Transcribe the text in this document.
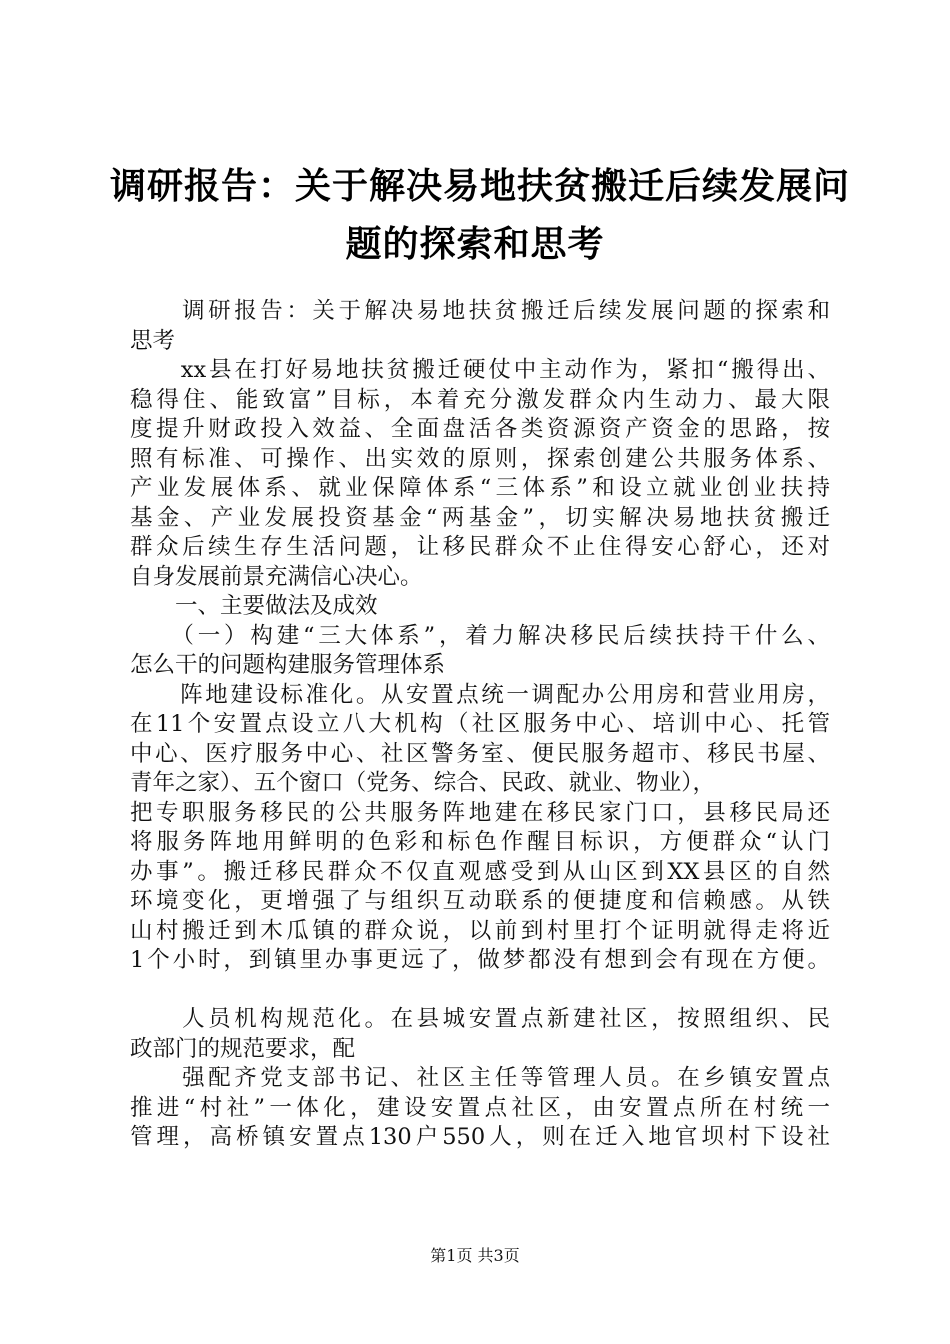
调研报告：关于解决易地扶贫搬迁后续发展问
题的探索和思考
　　调研报告：关于解决易地扶贫搬迁后续发展问题的探索和
思考
　　xx县在打好易地扶贫搬迁硬仗中主动作为，紧扣“搬得出、
稳得住、能致富”目标，本着充分激发群众内生动力、最大限
度提升财政投入效益、全面盘活各类资源资产资金的思路，按
照有标准、可操作、出实效的原则，探索创建公共服务体系、
产业发展体系、就业保障体系“三体系”和设立就业创业扶持
基金、产业发展投资基金“两基金”，切实解决易地扶贫搬迁
群众后续生存生活问题，让移民群众不止住得安心舒心，还对
自身发展前景充满信心决心。
　　一、主要做法及成效
　　（一）构建“三大体系”，着力解决移民后续扶持干什么、
怎么干的问题构建服务管理体系
　　阵地建设标准化。从安置点统一调配办公用房和营业用房，
在11个安置点设立八大机构（社区服务中心、培训中心、托管
中心、医疗服务中心、社区警务室、便民服务超市、移民书屋、
青年之家）、五个窗口（党务、综合、民政、就业、物业），
把专职服务移民的公共服务阵地建在移民家门口，县移民局还
将服务阵地用鲜明的色彩和标色作醒目标识，方便群众“认门
办事”。搬迁移民群众不仅直观感受到从山区到XX县区的自然
环境变化，更增强了与组织互动联系的便捷度和信赖感。从铁
山村搬迁到木瓜镇的群众说，以前到村里打个证明就得走将近
1个小时，到镇里办事更远了，做梦都没有想到会有现在方便。
　　人员机构规范化。在县城安置点新建社区，按照组织、民
政部门的规范要求，配
　　强配齐党支部书记、社区主任等管理人员。在乡镇安置点
推进“村社”一体化，建设安置点社区，由安置点所在村统一
管理，高桥镇安置点130户550人，则在迁入地官坝村下设社
第1页 共3页
